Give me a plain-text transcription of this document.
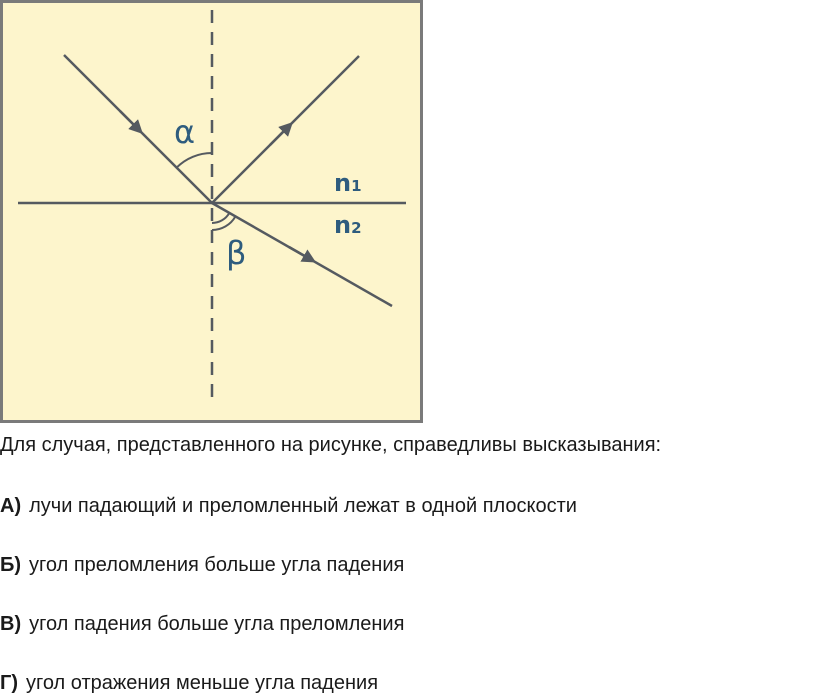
α
β
n1
n2
Для случая, представленного на рисунке, справедливы высказывания:
А) лучи падающий и преломленный лежат в одной плоскости
Б) угол преломления больше угла падения
В) угол падения больше угла преломления
Г) угол отражения меньше угла падения
